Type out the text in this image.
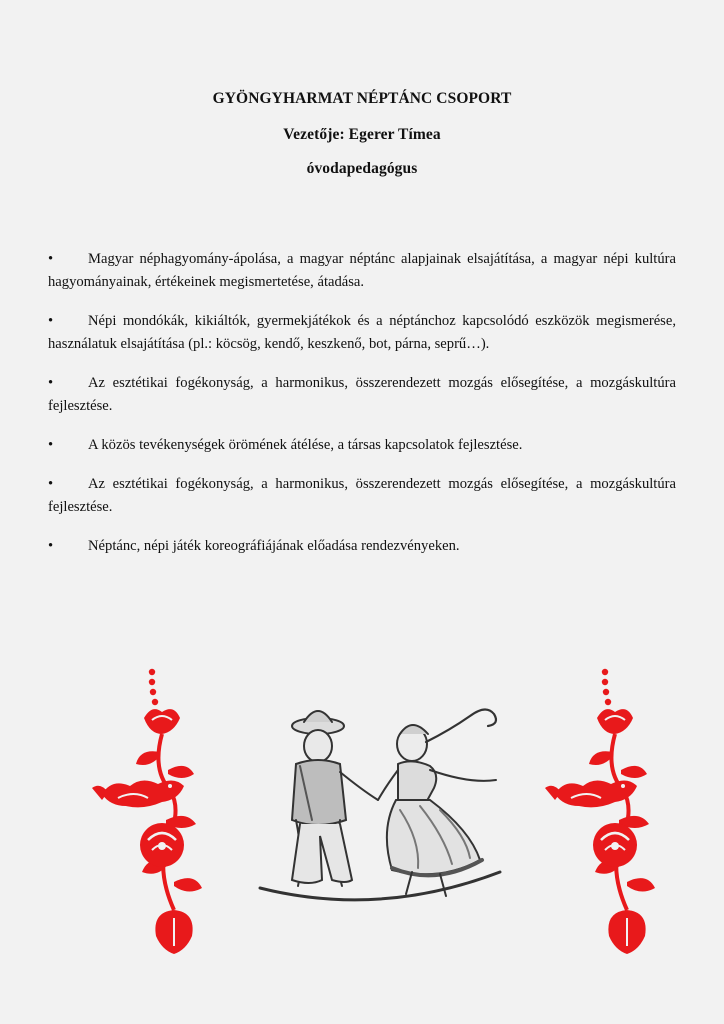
GYÖNGYHARMAT NÉPTÁNC CSOPORT
Vezetője: Egerer Tímea
óvodapedagógus

• Magyar néphagyomány-ápolása, a magyar néptánc alapjainak elsajátítása, a magyar népi kultúra hagyományainak, értékeinek megismertetése, átadása.

• Népi mondókák, kikiáltók, gyermekjátékok és a néptánchoz kapcsolódó eszközök megismerése, használatuk elsajátítása (pl.: köcsög, kendő, keszkenő, bot, párna, seprű…).

• Az esztétikai fogékonyság, a harmonikus, összerendezett mozgás elősegítése, a mozgáskultúra fejlesztése.

• A közös tevékenységek örömének átélése, a társas kapcsolatok fejlesztése.

• Az esztétikai fogékonyság, a harmonikus, összerendezett mozgás elősegítése, a mozgáskultúra fejlesztése.

• Néptánc, népi játék koreográfiájának előadása rendezvényeken.
